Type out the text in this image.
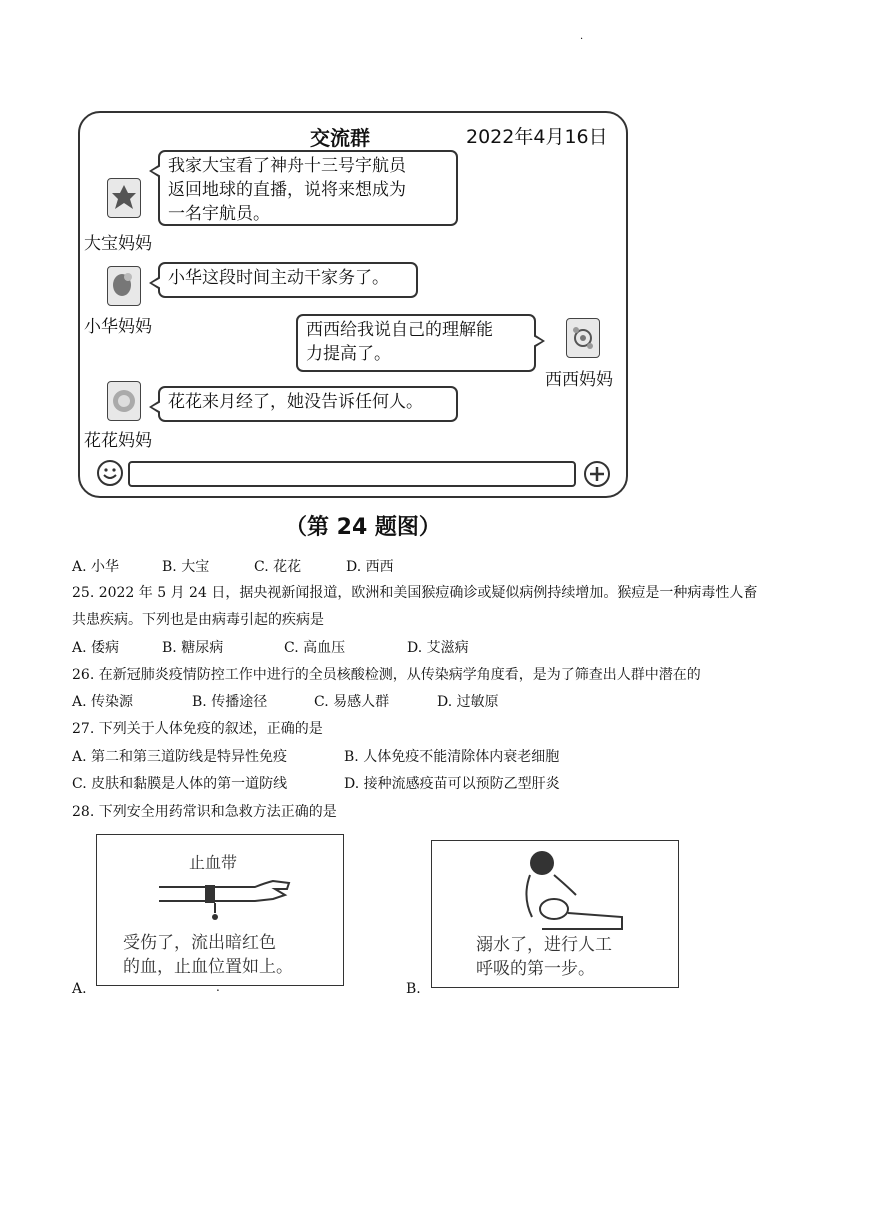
·
交流群	2022年4月16日
大宝妈妈
我家大宝看了神舟十三号宇航员
返回地球的直播，说将来想成为
一名宇航员。
小华妈妈
小华这段时间主动干家务了。
西西给我说自己的理解能
力提高了。
西西妈妈
花花妈妈
花花来月经了，她没告诉任何人。
（第 24 题图）
A. 小华	B. 大宝	C. 花花	D. 西西
25. 2022 年 5 月 24 日，据央视新闻报道，欧洲和美国猴痘确诊或疑似病例持续增加。猴痘是一种病毒性人畜
共患疾病。下列也是由病毒引起的疾病是
A. 倭病	B. 糖尿病	C. 高血压	D. 艾滋病
26. 在新冠肺炎疫情防控工作中进行的全员核酸检测，从传染病学角度看，是为了筛查出人群中潜在的
A. 传染源	B. 传播途径	C. 易感人群	D. 过敏原
27. 下列关于人体免疫的叙述，正确的是
A. 第二和第三道防线是特异性免疫	B. 人体免疫不能清除体内衰老细胞
C. 皮肤和黏膜是人体的第一道防线	D. 接种流感疫苗可以预防乙型肝炎
28. 下列安全用药常识和急救方法正确的是
止血带
受伤了，流出暗红色
的血，止血位置如上。
A.	.
溺水了，进行人工
呼吸的第一步。
B.
